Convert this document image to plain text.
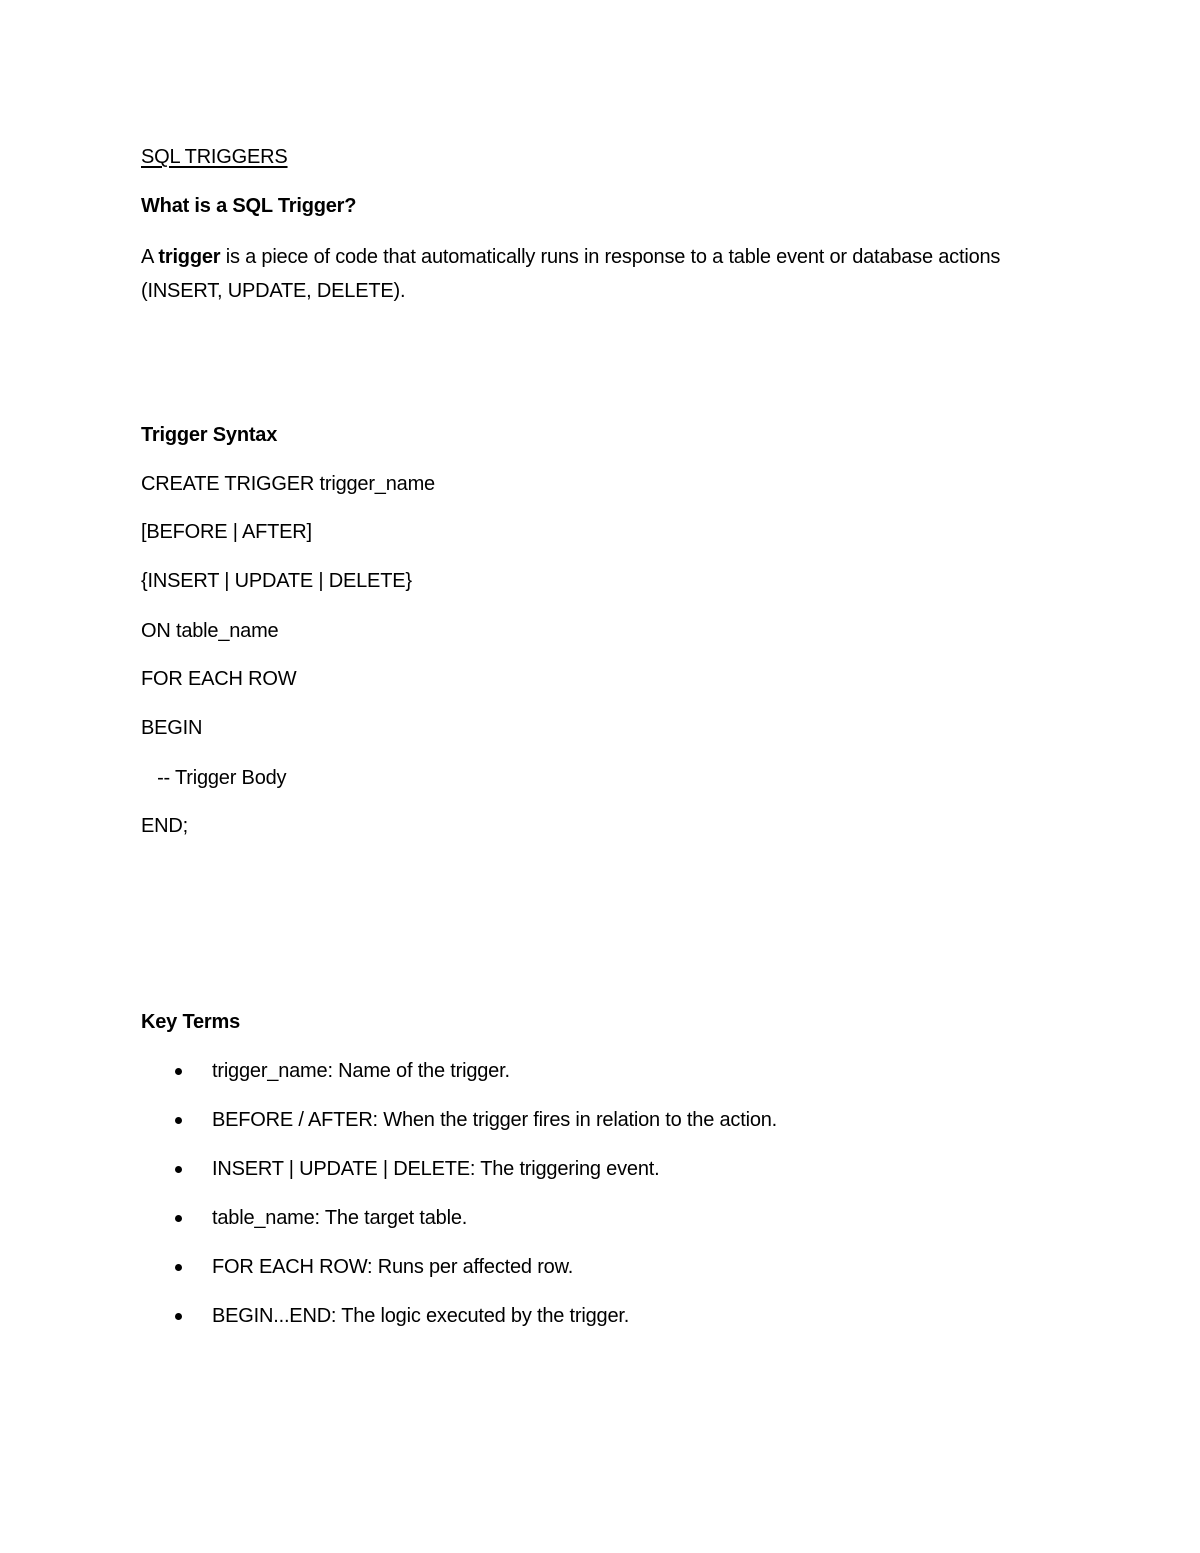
SQL TRIGGERS
What is a SQL Trigger?
A trigger is a piece of code that automatically runs in response to a table event or database actions (INSERT, UPDATE, DELETE).
Trigger Syntax
CREATE TRIGGER trigger_name
[BEFORE | AFTER]
{INSERT | UPDATE | DELETE}
ON table_name
FOR EACH ROW
BEGIN
-- Trigger Body
END;
Key Terms
trigger_name: Name of the trigger.
BEFORE / AFTER: When the trigger fires in relation to the action.
INSERT | UPDATE | DELETE: The triggering event.
table_name: The target table.
FOR EACH ROW: Runs per affected row.
BEGIN...END: The logic executed by the trigger.
